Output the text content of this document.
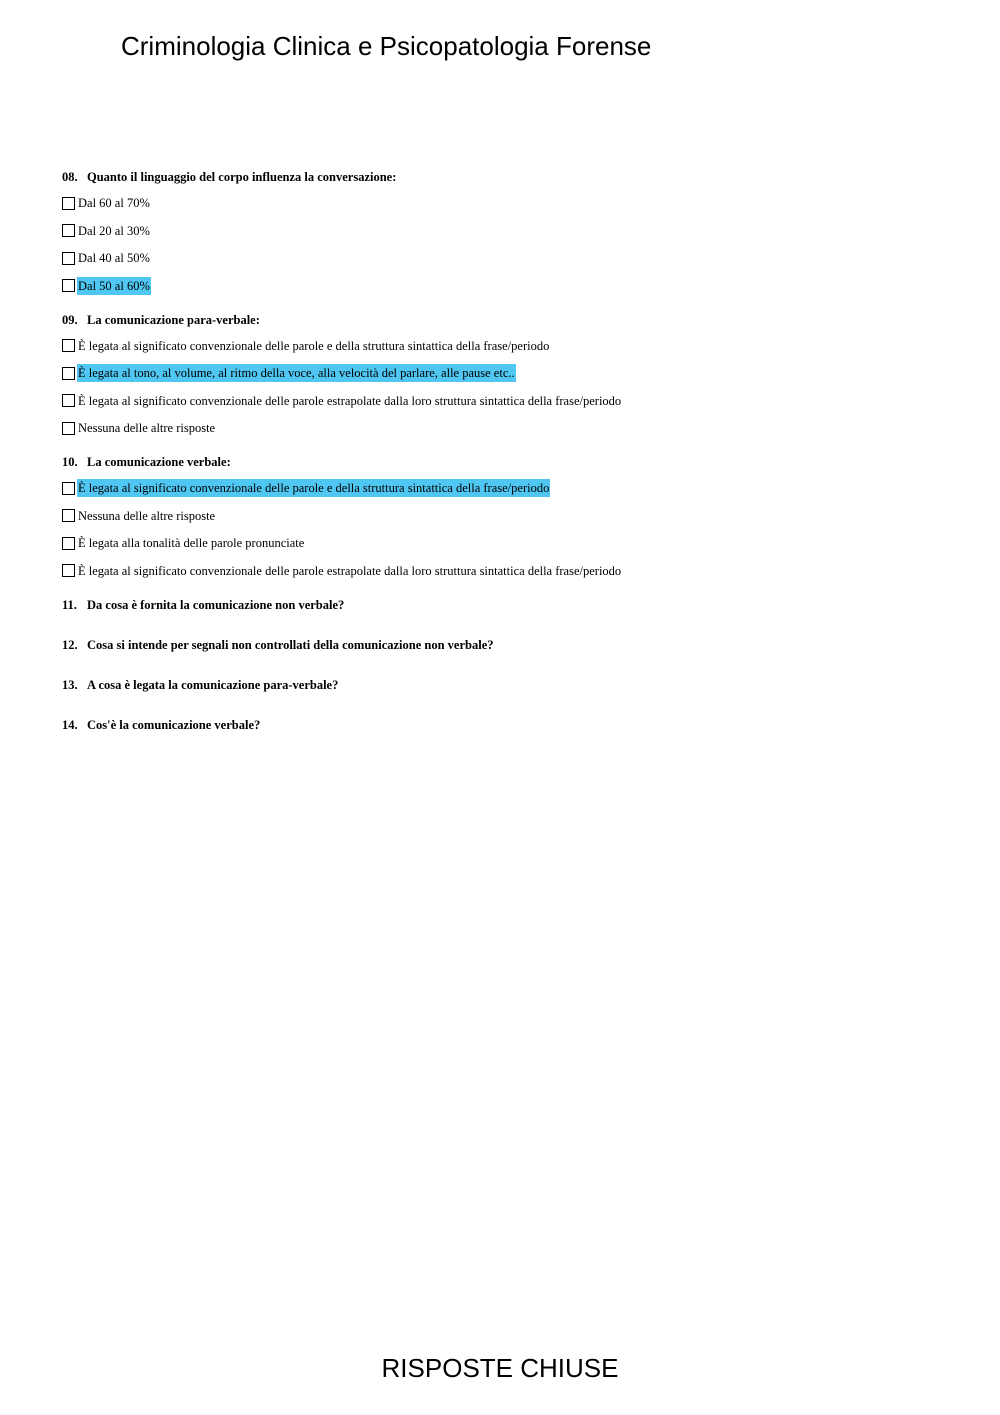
Criminologia Clinica e Psicopatologia Forense
08. Quanto il linguaggio del corpo influenza la conversazione:
Dal 60 al 70%
Dal 20 al 30%
Dal 40 al 50%
Dal 50 al 60%
09. La comunicazione para-verbale:
È legata al significato convenzionale delle parole e della struttura sintattica della frase/periodo
È legata al tono, al volume, al ritmo della voce, alla velocità del parlare, alle pause etc..
È legata al significato convenzionale delle parole estrapolate dalla loro struttura sintattica della frase/periodo
Nessuna delle altre risposte
10. La comunicazione verbale:
È legata al significato convenzionale delle parole e della struttura sintattica della frase/periodo
Nessuna delle altre risposte
È legata alla tonalità delle parole pronunciate
È legata al significato convenzionale delle parole estrapolate dalla loro struttura sintattica della frase/periodo
11. Da cosa è fornita la comunicazione non verbale?
12. Cosa si intende per segnali non controllati della comunicazione non verbale?
13. A cosa è legata la comunicazione para-verbale?
14. Cos'è la comunicazione verbale?
RISPOSTE CHIUSE
